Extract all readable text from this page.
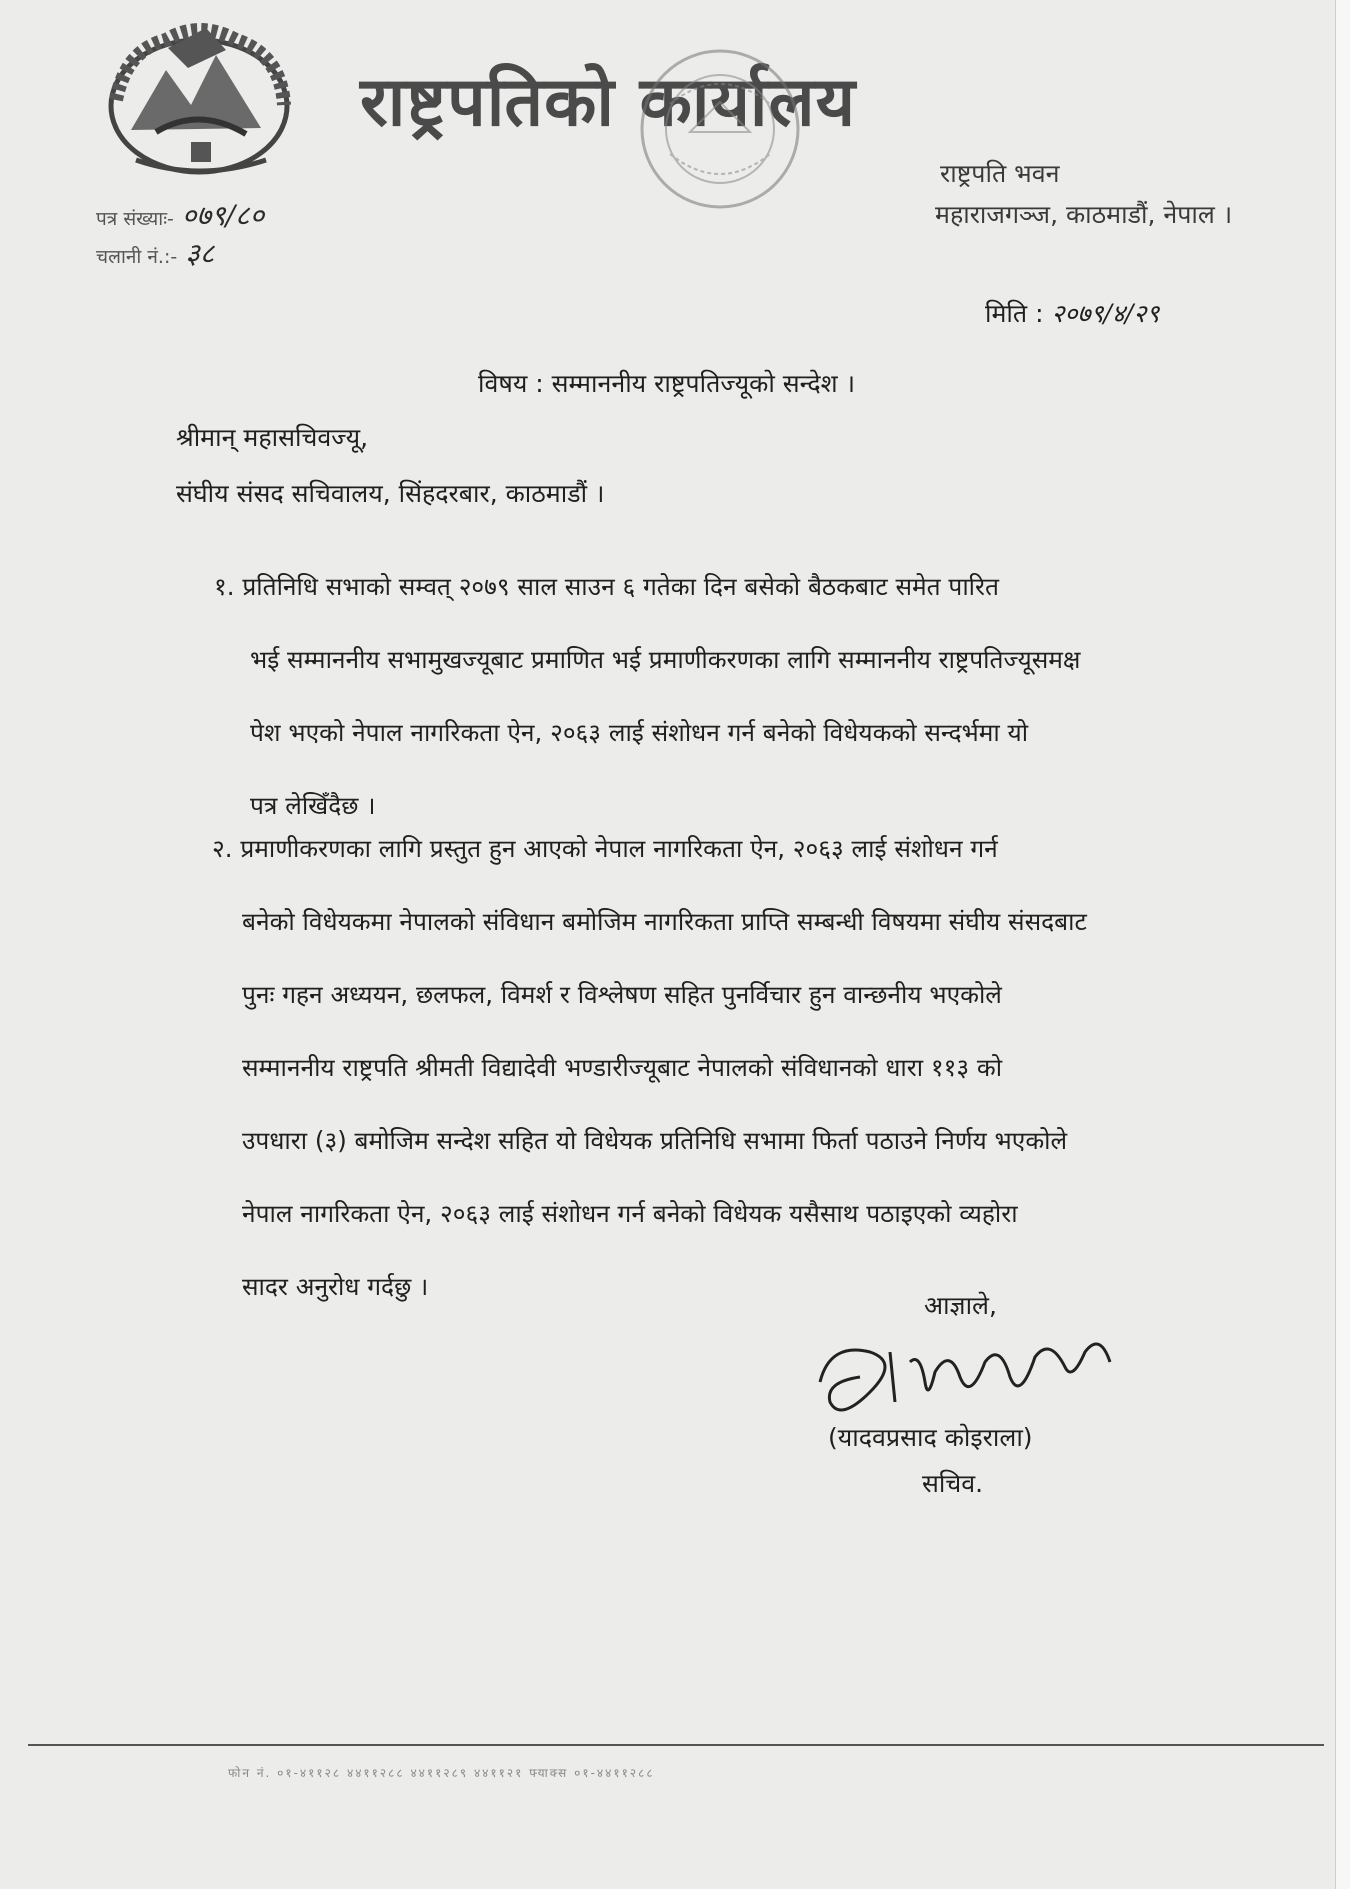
राष्ट्रपतिको कार्यालय
राष्ट्रपति भवन
महाराजगञ्ज, काठमाडौं, नेपाल ।
पत्र संख्याः- ०७९/८०
चलानी नं.:- ३८
मिति : २०७९/४/२९
विषय : सम्माननीय राष्ट्रपतिज्यूको सन्देश ।
श्रीमान् महासचिवज्यू,
संघीय संसद सचिवालय, सिंहदरबार, काठमाडौं ।
१. प्रतिनिधि सभाको सम्वत् २०७९ साल साउन ६ गतेका दिन बसेको बैठकबाट समेत पारित
भई सम्माननीय सभामुखज्यूबाट प्रमाणित भई प्रमाणीकरणका लागि सम्माननीय राष्ट्रपतिज्यूसमक्ष
पेश भएको नेपाल नागरिकता ऐन, २०६३ लाई संशोधन गर्न बनेको विधेयकको सन्दर्भमा यो
पत्र लेखिँदैछ ।
२. प्रमाणीकरणका लागि प्रस्तुत हुन आएको नेपाल नागरिकता ऐन, २०६३ लाई संशोधन गर्न
बनेको विधेयकमा नेपालको संविधान बमोजिम नागरिकता प्राप्ति सम्बन्धी विषयमा संघीय संसदबाट
पुनः गहन अध्ययन, छलफल, विमर्श र विश्लेषण सहित पुनर्विचार हुन वान्छनीय भएकोले
सम्माननीय राष्ट्रपति श्रीमती विद्यादेवी भण्डारीज्यूबाट नेपालको संविधानको धारा ११३ को
उपधारा (३) बमोजिम सन्देश सहित यो विधेयक प्रतिनिधि सभामा फिर्ता पठाउने निर्णय भएकोले
नेपाल नागरिकता ऐन, २०६३ लाई संशोधन गर्न बनेको विधेयक यसैसाथ पठाइएको व्यहोरा
सादर अनुरोध गर्दछु ।
आज्ञाले,
(यादवप्रसाद कोइराला)
सचिव.
फोन नं. ०१-४११२८ ४४११२८८ ४४११२८९ ४४११२१ फ्याक्स ०१-४४११२८८
